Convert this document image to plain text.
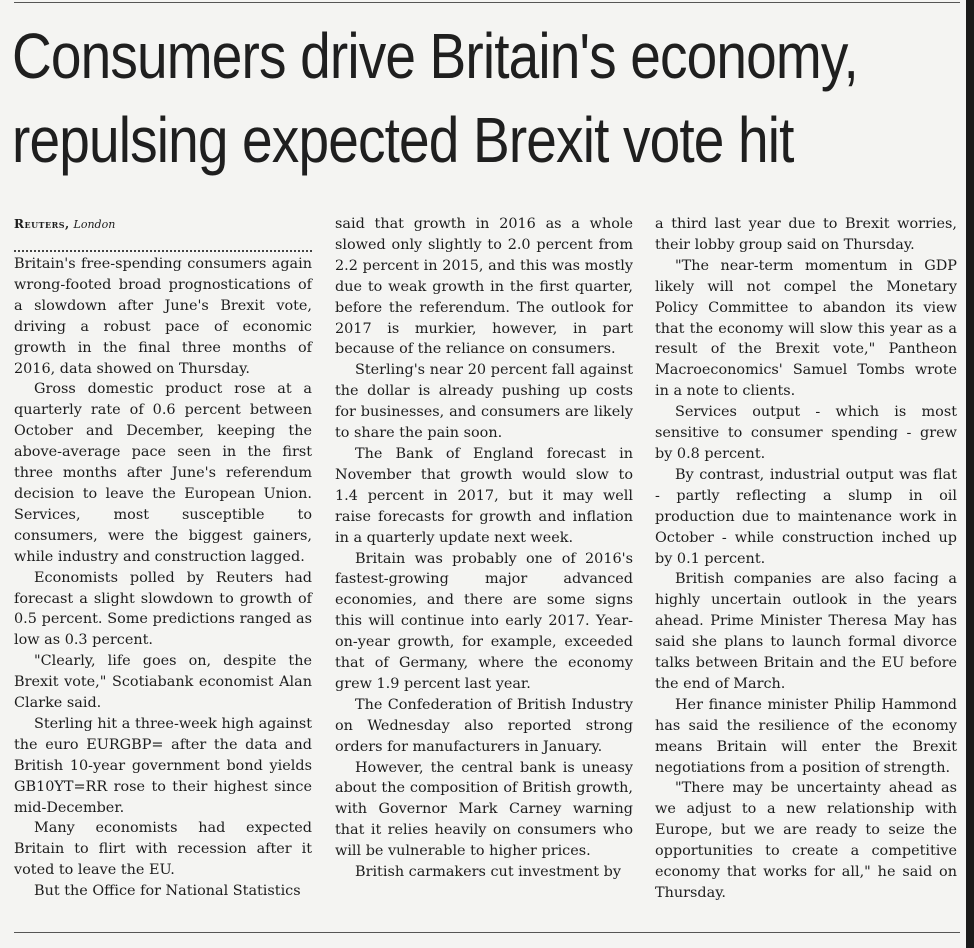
Consumers drive Britain's economy,
repulsing expected Brexit vote hit
Reuters, London

Britain's free-spending consumers again wrong-footed broad prognostications of a slowdown after June's Brexit vote, driving a robust pace of economic growth in the final three months of 2016, data showed on Thursday.

Gross domestic product rose at a quarterly rate of 0.6 percent between October and December, keeping the above-average pace seen in the first three months after June's referendum decision to leave the European Union. Services, most susceptible to consumers, were the biggest gainers, while industry and construction lagged.

Economists polled by Reuters had forecast a slight slowdown to growth of 0.5 percent. Some predictions ranged as low as 0.3 percent.

"Clearly, life goes on, despite the Brexit vote," Scotiabank economist Alan Clarke said.

Sterling hit a three-week high against the euro EURGBP= after the data and British 10-year government bond yields GB10YT=RR rose to their highest since mid-December.

Many economists had expected Britain to flirt with recession after it voted to leave the EU.

But the Office for National Statistics

said that growth in 2016 as a whole slowed only slightly to 2.0 percent from 2.2 percent in 2015, and this was mostly due to weak growth in the first quarter, before the referendum. The outlook for 2017 is murkier, however, in part because of the reliance on consumers.

Sterling's near 20 percent fall against the dollar is already pushing up costs for businesses, and consumers are likely to share the pain soon.

The Bank of England forecast in November that growth would slow to 1.4 percent in 2017, but it may well raise forecasts for growth and inflation in a quarterly update next week.

Britain was probably one of 2016's fastest-growing major advanced economies, and there are some signs this will continue into early 2017. Year-on-year growth, for example, exceeded that of Germany, where the economy grew 1.9 percent last year.

The Confederation of British Industry on Wednesday also reported strong orders for manufacturers in January.

However, the central bank is uneasy about the composition of British growth, with Governor Mark Carney warning that it relies heavily on consumers who will be vulnerable to higher prices.

British carmakers cut investment by

a third last year due to Brexit worries, their lobby group said on Thursday.

"The near-term momentum in GDP likely will not compel the Monetary Policy Committee to abandon its view that the economy will slow this year as a result of the Brexit vote," Pantheon Macroeconomics' Samuel Tombs wrote in a note to clients.

Services output - which is most sensitive to consumer spending - grew by 0.8 percent.

By contrast, industrial output was flat - partly reflecting a slump in oil production due to maintenance work in October - while construction inched up by 0.1 percent.

British companies are also facing a highly uncertain outlook in the years ahead. Prime Minister Theresa May has said she plans to launch formal divorce talks between Britain and the EU before the end of March.

Her finance minister Philip Hammond has said the resilience of the economy means Britain will enter the Brexit negotiations from a position of strength.

"There may be uncertainty ahead as we adjust to a new relationship with Europe, but we are ready to seize the opportunities to create a competitive economy that works for all," he said on Thursday.
